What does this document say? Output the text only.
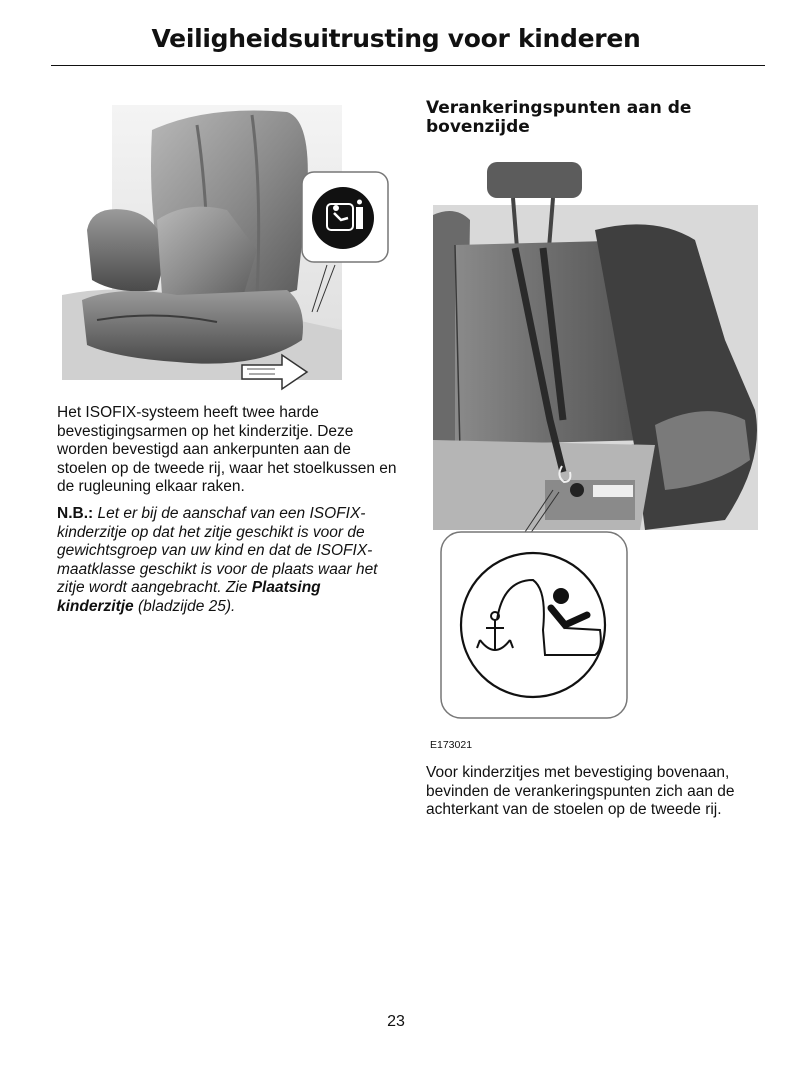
Veiligheidsuitrusting voor kinderen

Het ISOFIX-systeem heeft twee harde bevestigingsarmen op het kinderzitje. Deze worden bevestigd aan ankerpunten aan de stoelen op de tweede rij, waar het stoelkussen en de rugleuning elkaar raken.

N.B.: Let er bij de aanschaf van een ISOFIX-kinderzitje op dat het zitje geschikt is voor de gewichtsgroep van uw kind en dat de ISOFIX-maatklasse geschikt is voor de plaats waar het zitje wordt aangebracht. Zie Plaatsing kinderzitje (bladzijde 25).

Verankeringspunten aan de bovenzijde
E173021

Voor kinderzitjes met bevestiging bovenaan, bevinden de verankeringspunten zich aan de achterkant van de stoelen op de tweede rij.

23
